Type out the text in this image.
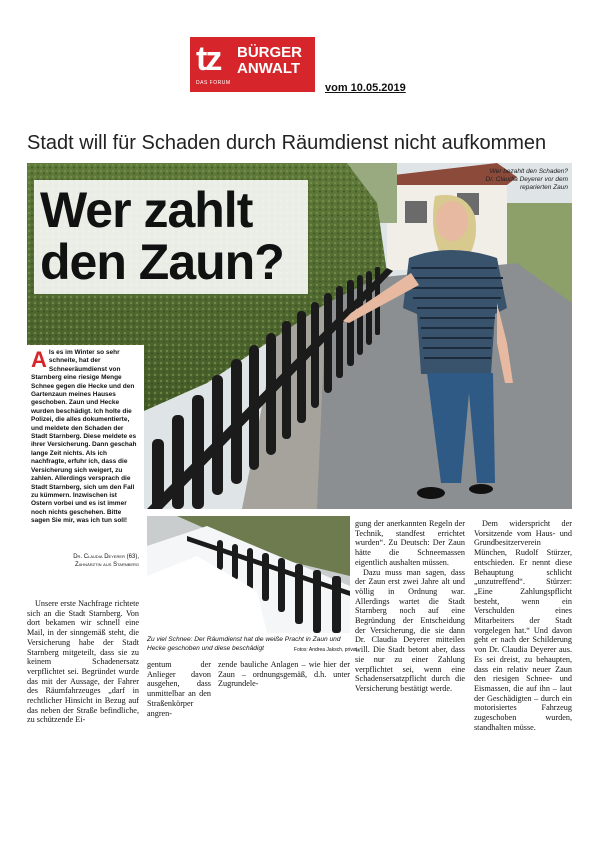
tz BÜRGER
ANWALT
DAS FORUM	vom 10.05.2019
Stadt will für Schaden durch Räumdienst nicht aufkommen
Wer zahlt
den Zaun?
Wer bezahlt den Schaden? Dr. Claudia Deyerer vor dem reparierten Zaun
Als es im Winter so sehr schneite, hat der Schneeräumdienst von Starnberg eine riesige Menge Schnee gegen die Hecke und den Gartenzaun meines Hauses geschoben. Zaun und Hecke wurden beschädigt. Ich holte die Polizei, die alles dokumentierte, und meldete den Schaden der Stadt Starnberg. Diese meldete es ihrer Versicherung. Dann geschah lange Zeit nichts. Als ich nachfragte, erfuhr ich, dass die Versicherung sich weigert, zu zahlen. Allerdings versprach die Stadt Starnberg, sich um den Fall zu kümmern. Inzwischen ist Ostern vorbei und es ist immer noch nichts geschehen. Bitte sagen Sie mir, was ich tun soll!
Dr. Claudia Deyerer (63),
Zahnärztin aus Starnberg
Zu viel Schnee: Der Räumdienst hat die weiße Pracht in Zaun und Hecke geschoben und diese beschädigt	Fotos: Andrea Jaksch, privat

Unsere erste Nachfrage richtete sich an die Stadt Starnberg. Von dort bekamen wir schnell eine Mail, in der sinngemäß steht, die Versicherung habe der Stadt Starnberg mitgeteilt, dass sie zu keinem Schadenersatz verpflichtet sei. Begründet wurde das mit der Aussage, der Fahrer des Räumfahrzeuges „darf in rechtlicher Hinsicht in Bezug auf das neben der Straße befindliche, zu schützende Ei-

gentum der Anlieger davon ausgehen, dass unmittelbar an den Straßenkörper angren-

zende bauliche Anlagen – wie hier der Zaun – ordnungsgemäß, d.h. unter Zugrundele-

gung der anerkannten Regeln der Technik, standfest errichtet wurden“. Zu Deutsch: Der Zaun hätte die Schneemassen eigentlich aushalten müssen.

Dazu muss man sagen, dass der Zaun erst zwei Jahre alt und völlig in Ordnung war. Allerdings wartet die Stadt Starnberg noch auf eine Begründung der Entscheidung der Versicherung, die sie dann Dr. Claudia Deyerer mitteilen will. Die Stadt betont aber, dass sie nur zu einer Zahlung verpflichtet sei, wenn eine Schadensersatzpflicht durch die Versicherung bestätigt werde.

Dem widerspricht der Vorsitzende vom Haus- und Grundbesitzerverein München, Rudolf Stürzer, entschieden. Er nennt diese Behauptung schlicht „unzutreffend“. Stürzer: „Eine Zahlungspflicht besteht, wenn ein Verschulden eines Mitarbeiters der Stadt vorgelegen hat.“ Und davon geht er nach der Schilderung von Dr. Claudia Deyerer aus. Es sei dreist, zu behaupten, dass ein relativ neuer Zaun den riesigen Schnee- und Eismassen, die auf ihn – laut der Geschädigten – durch ein motorisiertes Fahrzeug zugeschoben wurden, standhalten müsse.
